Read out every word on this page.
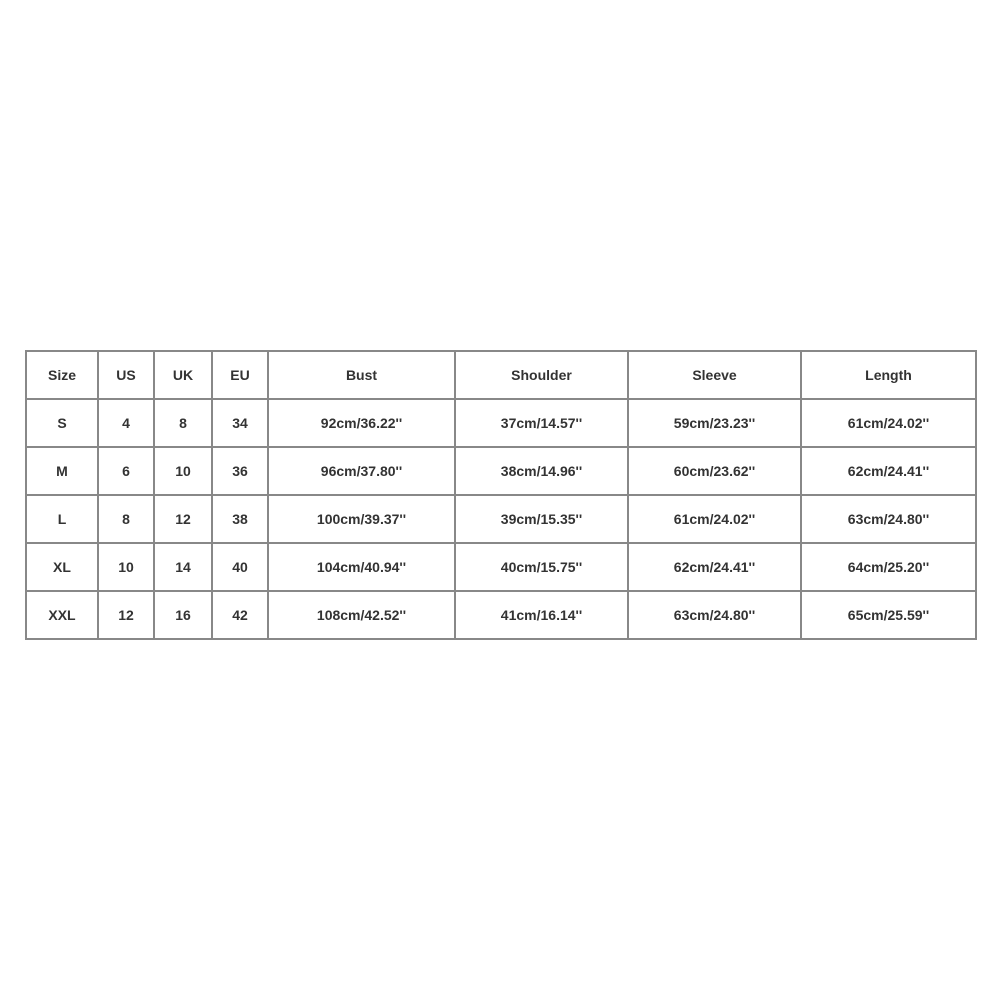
Size	US	UK	EU	Bust	Shoulder	Sleeve	Length
S	4	8	34	92cm/36.22''	37cm/14.57''	59cm/23.23''	61cm/24.02''
M	6	10	36	96cm/37.80''	38cm/14.96''	60cm/23.62''	62cm/24.41''
L	8	12	38	100cm/39.37''	39cm/15.35''	61cm/24.02''	63cm/24.80''
XL	10	14	40	104cm/40.94''	40cm/15.75''	62cm/24.41''	64cm/25.20''
XXL	12	16	42	108cm/42.52''	41cm/16.14''	63cm/24.80''	65cm/25.59''
